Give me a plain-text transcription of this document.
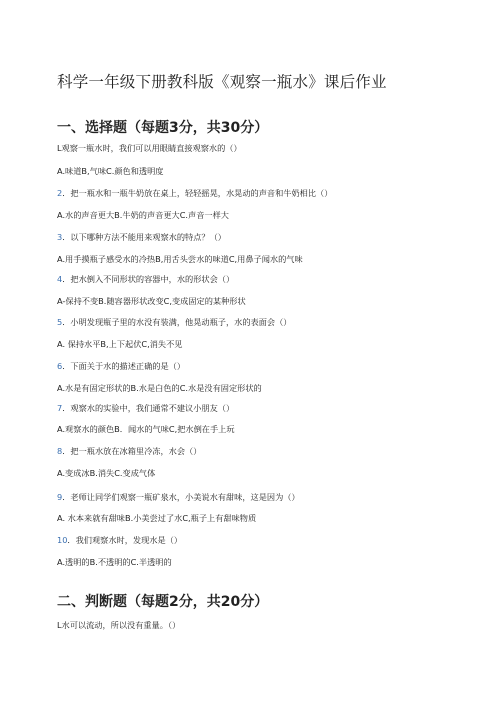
科学一年级下册教科版《观察一瓶水》课后作业
一、选择题（每题3分，共30分）
L观察一瓶水时，我们可以用眼睛直接观察水的（）
A.味道B,气味C.颜色和透明度
2．把一瓶水和一瓶牛奶放在桌上，轻轻摇晃，水晃动的声音和牛奶相比（）
A.水的声音更大B.牛奶的声音更大C.声音一样大
3．以下哪种方法不能用来观察水的特点？（）
A.用手摸瓶子感受水的冷热B,用舌头尝水的味道C,用鼻子闻水的气味
4．把水倒入不同形状的容器中，水的形状会（）
A-保持不变B.随容器形状改变C,变成固定的某种形状
5．小明发现瓶子里的水没有装满，他晃动瓶子，水的表面会（）
A. 保持水平B,上下起伏C,消失不见
6．下面关于水的描述正确的是（）
A.水是有固定形状的B.水是白色的C.水是没有固定形状的
7．观察水的实验中，我们通常不建议小朋友（）
A.观察水的颜色B．闻水的气味C,把水倒在手上玩
8．把一瓶水放在冰箱里冷冻，水会（）
A.变成冰B.消失C.变成气体
9．老师让同学们观察一瓶矿泉水，小美说水有甜味，这是因为（）
A. 水本来就有甜味B.小美尝过了水C,瓶子上有甜味物质
10．我们观察水时，发现水是（）
A.透明的B.不透明的C.半透明的
二、判断题（每题2分，共20分）
L水可以流动，所以没有重量。（）
